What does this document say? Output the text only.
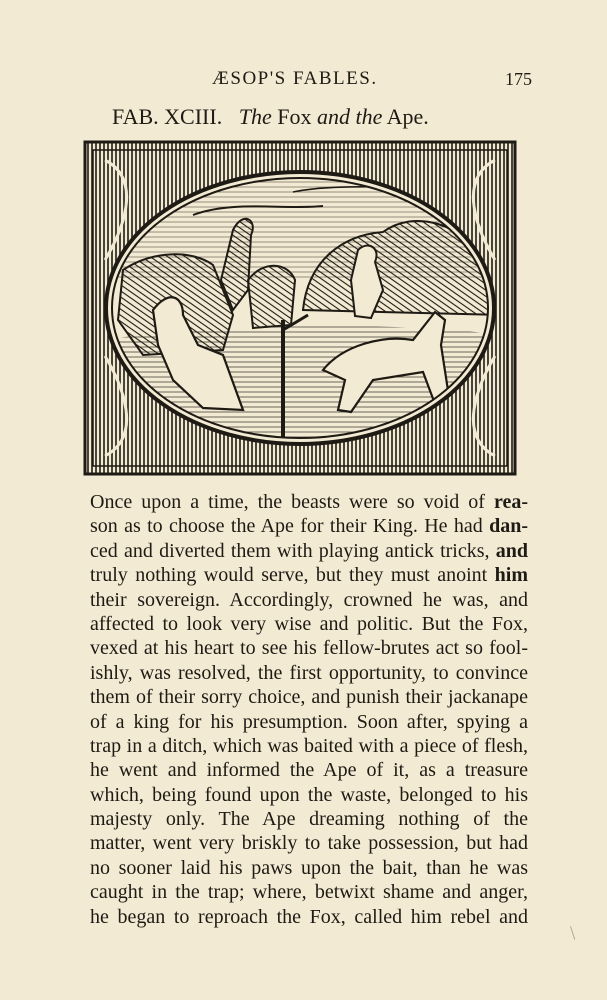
ÆSOP'S FABLES.	175
FAB. XCIII. The Fox and the Ape.
Once upon a time, the beasts were so void of rea-
son as to choose the Ape for their King. He had dan-
ced and diverted them with playing antick tricks, and
truly nothing would serve, but they must anoint him
their sovereign. Accordingly, crowned he was, and
affected to look very wise and politic. But the Fox,
vexed at his heart to see his fellow-brutes act so fool-
ishly, was resolved, the first opportunity, to convince
them of their sorry choice, and punish their jackanape
of a king for his presumption. Soon after, spying a
trap in a ditch, which was baited with a piece of flesh,
he went and informed the Ape of it, as a treasure
which, being found upon the waste, belonged to his
majesty only. The Ape dreaming nothing of the
matter, went very briskly to take possession, but had
no sooner laid his paws upon the bait, than he was
caught in the trap; where, betwixt shame and anger,
he began to reproach the Fox, called him rebel and
